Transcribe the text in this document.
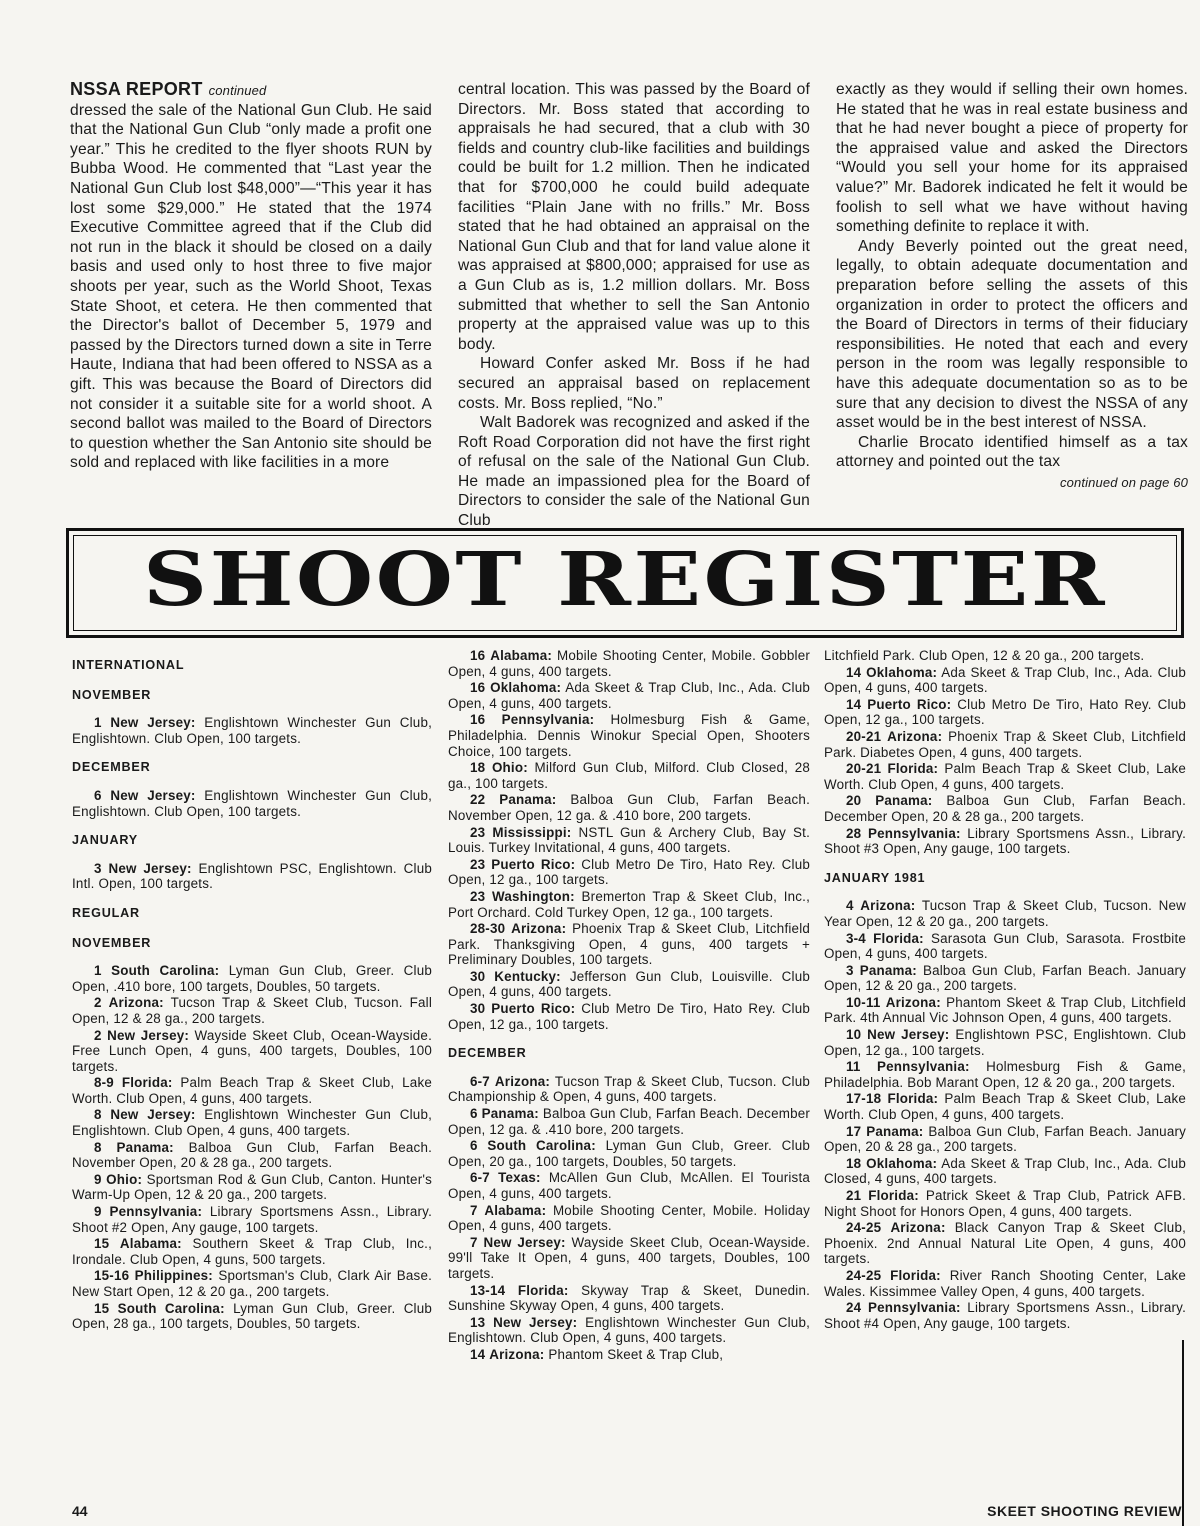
NSSA REPORT continued

dressed the sale of the National Gun Club. He said that the National Gun Club “only made a profit one year.” This he credited to the flyer shoots RUN by Bubba Wood. He commented that “Last year the National Gun Club lost $48,000”—“This year it has lost some $29,000.” He stated that the 1974 Executive Committee agreed that if the Club did not run in the black it should be closed on a daily basis and used only to host three to five major shoots per year, such as the World Shoot, Texas State Shoot, et cetera. He then commented that the Director's ballot of December 5, 1979 and passed by the Directors turned down a site in Terre Haute, Indiana that had been offered to NSSA as a gift. This was because the Board of Directors did not consider it a suitable site for a world shoot. A second ballot was mailed to the Board of Directors to question whether the San Antonio site should be sold and replaced with like facilities in a more

central location. This was passed by the Board of Directors. Mr. Boss stated that according to appraisals he had secured, that a club with 30 fields and country club-like facilities and buildings could be built for 1.2 million. Then he indicated that for $700,000 he could build adequate facilities “Plain Jane with no frills.” Mr. Boss stated that he had obtained an appraisal on the National Gun Club and that for land value alone it was appraised at $800,000; appraised for use as a Gun Club as is, 1.2 million dollars. Mr. Boss submitted that whether to sell the San Antonio property at the appraised value was up to this body.

Howard Confer asked Mr. Boss if he had secured an appraisal based on replacement costs. Mr. Boss replied, “No.”

Walt Badorek was recognized and asked if the Roft Road Corporation did not have the first right of refusal on the sale of the National Gun Club. He made an impassioned plea for the Board of Directors to consider the sale of the National Gun Club

exactly as they would if selling their own homes. He stated that he was in real estate business and that he had never bought a piece of property for the appraised value and asked the Directors “Would you sell your home for its appraised value?” Mr. Badorek indicated he felt it would be foolish to sell what we have without having something definite to replace it with.

Andy Beverly pointed out the great need, legally, to obtain adequate documentation and preparation before selling the assets of this organization in order to protect the officers and the Board of Directors in terms of their fiduciary responsibilities. He noted that each and every person in the room was legally responsible to have this adequate documentation so as to be sure that any decision to divest the NSSA of any asset would be in the best interest of NSSA.

Charlie Brocato identified himself as a tax attorney and pointed out the tax

continued on page 60
SHOOT REGISTER
INTERNATIONAL
NOVEMBER

1 New Jersey: Englishtown Winchester Gun Club, Englishtown. Club Open, 100 targets.

DECEMBER

6 New Jersey: Englishtown Winchester Gun Club, Englishtown. Club Open, 100 targets.

JANUARY

3 New Jersey: Englishtown PSC, Englishtown. Club Intl. Open, 100 targets.

REGULAR
NOVEMBER

1 South Carolina: Lyman Gun Club, Greer. Club Open, .410 bore, 100 targets, Doubles, 50 targets.

2 Arizona: Tucson Trap & Skeet Club, Tucson. Fall Open, 12 & 28 ga., 200 targets.

2 New Jersey: Wayside Skeet Club, Ocean-Wayside. Free Lunch Open, 4 guns, 400 targets, Doubles, 100 targets.

8-9 Florida: Palm Beach Trap & Skeet Club, Lake Worth. Club Open, 4 guns, 400 targets.

8 New Jersey: Englishtown Winchester Gun Club, Englishtown. Club Open, 4 guns, 400 targets.

8 Panama: Balboa Gun Club, Farfan Beach. November Open, 20 & 28 ga., 200 targets.

9 Ohio: Sportsman Rod & Gun Club, Canton. Hunter's Warm-Up Open, 12 & 20 ga., 200 targets.

9 Pennsylvania: Library Sportsmens Assn., Library. Shoot #2 Open, Any gauge, 100 targets.

15 Alabama: Southern Skeet & Trap Club, Inc., Irondale. Club Open, 4 guns, 500 targets.

15-16 Philippines: Sportsman's Club, Clark Air Base. New Start Open, 12 & 20 ga., 200 targets.

15 South Carolina: Lyman Gun Club, Greer. Club Open, 28 ga., 100 targets, Doubles, 50 targets.

16 Alabama: Mobile Shooting Center, Mobile. Gobbler Open, 4 guns, 400 targets.

16 Oklahoma: Ada Skeet & Trap Club, Inc., Ada. Club Open, 4 guns, 400 targets.

16 Pennsylvania: Holmesburg Fish & Game, Philadelphia. Dennis Winokur Special Open, Shooters Choice, 100 targets.

18 Ohio: Milford Gun Club, Milford. Club Closed, 28 ga., 100 targets.

22 Panama: Balboa Gun Club, Farfan Beach. November Open, 12 ga. & .410 bore, 200 targets.

23 Mississippi: NSTL Gun & Archery Club, Bay St. Louis. Turkey Invitational, 4 guns, 400 targets.

23 Puerto Rico: Club Metro De Tiro, Hato Rey. Club Open, 12 ga., 100 targets.

23 Washington: Bremerton Trap & Skeet Club, Inc., Port Orchard. Cold Turkey Open, 12 ga., 100 targets.

28-30 Arizona: Phoenix Trap & Skeet Club, Litchfield Park. Thanksgiving Open, 4 guns, 400 targets + Preliminary Doubles, 100 targets.

30 Kentucky: Jefferson Gun Club, Louisville. Club Open, 4 guns, 400 targets.

30 Puerto Rico: Club Metro De Tiro, Hato Rey. Club Open, 12 ga., 100 targets.

DECEMBER

6-7 Arizona: Tucson Trap & Skeet Club, Tucson. Club Championship & Open, 4 guns, 400 targets.

6 Panama: Balboa Gun Club, Farfan Beach. December Open, 12 ga. & .410 bore, 200 targets.

6 South Carolina: Lyman Gun Club, Greer. Club Open, 20 ga., 100 targets, Doubles, 50 targets.

6-7 Texas: McAllen Gun Club, McAllen. El Tourista Open, 4 guns, 400 targets.

7 Alabama: Mobile Shooting Center, Mobile. Holiday Open, 4 guns, 400 targets.

7 New Jersey: Wayside Skeet Club, Ocean-Wayside. 99'll Take It Open, 4 guns, 400 targets, Doubles, 100 targets.

13-14 Florida: Skyway Trap & Skeet, Dunedin. Sunshine Skyway Open, 4 guns, 400 targets.

13 New Jersey: Englishtown Winchester Gun Club, Englishtown. Club Open, 4 guns, 400 targets.

14 Arizona: Phantom Skeet & Trap Club,

Litchfield Park. Club Open, 12 & 20 ga., 200 targets.

14 Oklahoma: Ada Skeet & Trap Club, Inc., Ada. Club Open, 4 guns, 400 targets.

14 Puerto Rico: Club Metro De Tiro, Hato Rey. Club Open, 12 ga., 100 targets.

20-21 Arizona: Phoenix Trap & Skeet Club, Litchfield Park. Diabetes Open, 4 guns, 400 targets.

20-21 Florida: Palm Beach Trap & Skeet Club, Lake Worth. Club Open, 4 guns, 400 targets.

20 Panama: Balboa Gun Club, Farfan Beach. December Open, 20 & 28 ga., 200 targets.

28 Pennsylvania: Library Sportsmens Assn., Library. Shoot #3 Open, Any gauge, 100 targets.

JANUARY 1981

4 Arizona: Tucson Trap & Skeet Club, Tucson. New Year Open, 12 & 20 ga., 200 targets.

3-4 Florida: Sarasota Gun Club, Sarasota. Frostbite Open, 4 guns, 400 targets.

3 Panama: Balboa Gun Club, Farfan Beach. January Open, 12 & 20 ga., 200 targets.

10-11 Arizona: Phantom Skeet & Trap Club, Litchfield Park. 4th Annual Vic Johnson Open, 4 guns, 400 targets.

10 New Jersey: Englishtown PSC, Englishtown. Club Open, 12 ga., 100 targets.

11 Pennsylvania: Holmesburg Fish & Game, Philadelphia. Bob Marant Open, 12 & 20 ga., 200 targets.

17-18 Florida: Palm Beach Trap & Skeet Club, Lake Worth. Club Open, 4 guns, 400 targets.

17 Panama: Balboa Gun Club, Farfan Beach. January Open, 20 & 28 ga., 200 targets.

18 Oklahoma: Ada Skeet & Trap Club, Inc., Ada. Club Closed, 4 guns, 400 targets.

21 Florida: Patrick Skeet & Trap Club, Patrick AFB. Night Shoot for Honors Open, 4 guns, 400 targets.

24-25 Arizona: Black Canyon Trap & Skeet Club, Phoenix. 2nd Annual Natural Lite Open, 4 guns, 400 targets.

24-25 Florida: River Ranch Shooting Center, Lake Wales. Kissimmee Valley Open, 4 guns, 400 targets.

24 Pennsylvania: Library Sportsmens Assn., Library. Shoot #4 Open, Any gauge, 100 targets.

44	SKEET SHOOTING REVIEW
